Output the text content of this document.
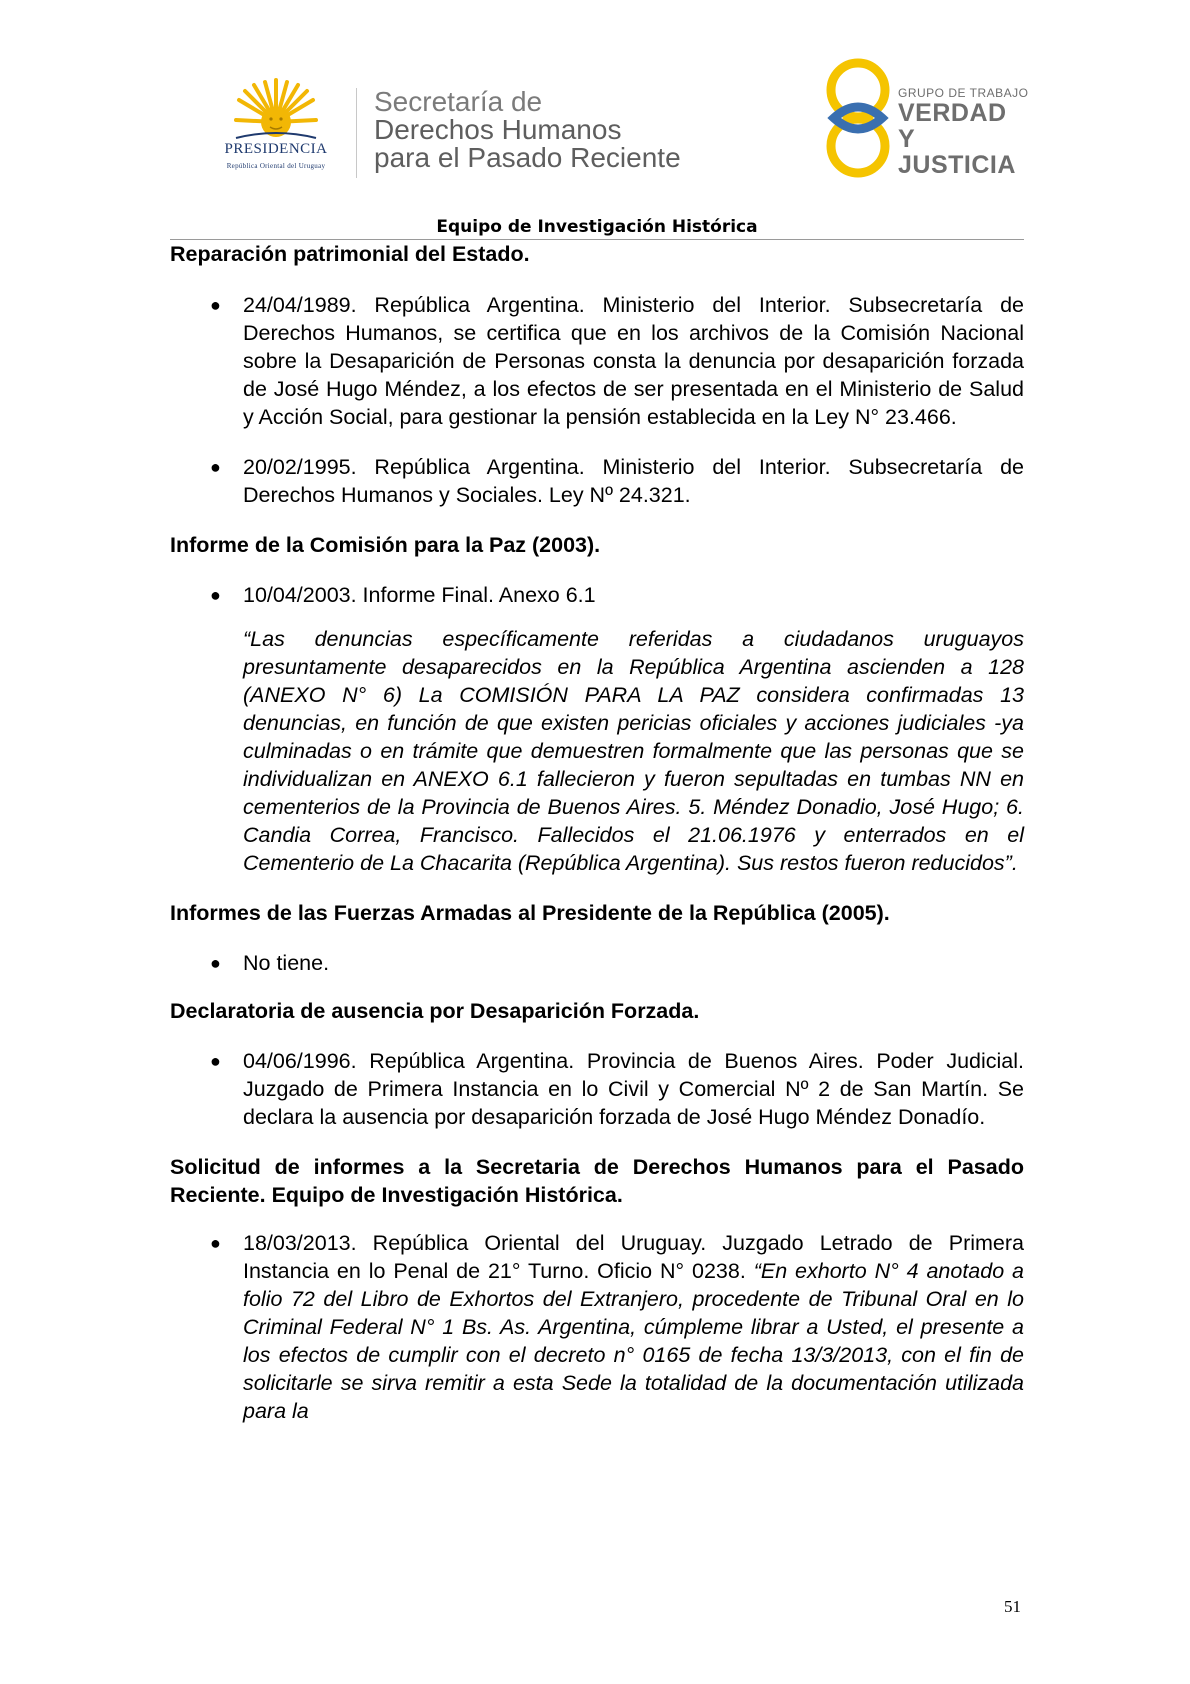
PRESIDENCIA
República Oriental del Uruguay
Secretaría de
Derechos Humanos
para el Pasado Reciente
GRUPO DE TRABAJO
VERDAD Y
JUSTICIA
Equipo de Investigación Histórica

Reparación patrimonial del Estado.

● 24/04/1989. República Argentina. Ministerio del Interior. Subsecretaría de Derechos Humanos, se certifica que en los archivos de la Comisión Nacional sobre la Desaparición de Personas consta la denuncia por desaparición forzada de José Hugo Méndez, a los efectos de ser presentada en el Ministerio de Salud y Acción Social, para gestionar la pensión establecida en la Ley N° 23.466.

● 20/02/1995. República Argentina. Ministerio del Interior. Subsecretaría de Derechos Humanos y Sociales. Ley Nº 24.321.

Informe de la Comisión para la Paz (2003).

● 10/04/2003. Informe Final. Anexo 6.1

“Las denuncias específicamente referidas a ciudadanos uruguayos presuntamente desaparecidos en la República Argentina ascienden a 128 (ANEXO N° 6) La COMISIÓN PARA LA PAZ considera confirmadas 13 denuncias, en función de que existen pericias oficiales y acciones judiciales -ya culminadas o en trámite que demuestren formalmente que las personas que se individualizan en ANEXO 6.1 fallecieron y fueron sepultadas en tumbas NN en cementerios de la Provincia de Buenos Aires. 5. Méndez Donadio, José Hugo; 6. Candia Correa, Francisco. Fallecidos el 21.06.1976 y enterrados en el Cementerio de La Chacarita (República Argentina). Sus restos fueron reducidos”.

Informes de las Fuerzas Armadas al Presidente de la República (2005).

● No tiene.

Declaratoria de ausencia por Desaparición Forzada.

● 04/06/1996. República Argentina. Provincia de Buenos Aires. Poder Judicial. Juzgado de Primera Instancia en lo Civil y Comercial Nº 2 de San Martín. Se declara la ausencia por desaparición forzada de José Hugo Méndez Donadío.

Solicitud de informes a la Secretaria de Derechos Humanos para el Pasado Reciente. Equipo de Investigación Histórica.

● 18/03/2013. República Oriental del Uruguay. Juzgado Letrado de Primera Instancia en lo Penal de 21° Turno. Oficio N° 0238. “En exhorto N° 4 anotado a folio 72 del Libro de Exhortos del Extranjero, procedente de Tribunal Oral en lo Criminal Federal N° 1 Bs. As. Argentina, cúmpleme librar a Usted, el presente a los efectos de cumplir con el decreto n° 0165 de fecha 13/3/2013, con el fin de solicitarle se sirva remitir a esta Sede la totalidad de la documentación utilizada para la

51
